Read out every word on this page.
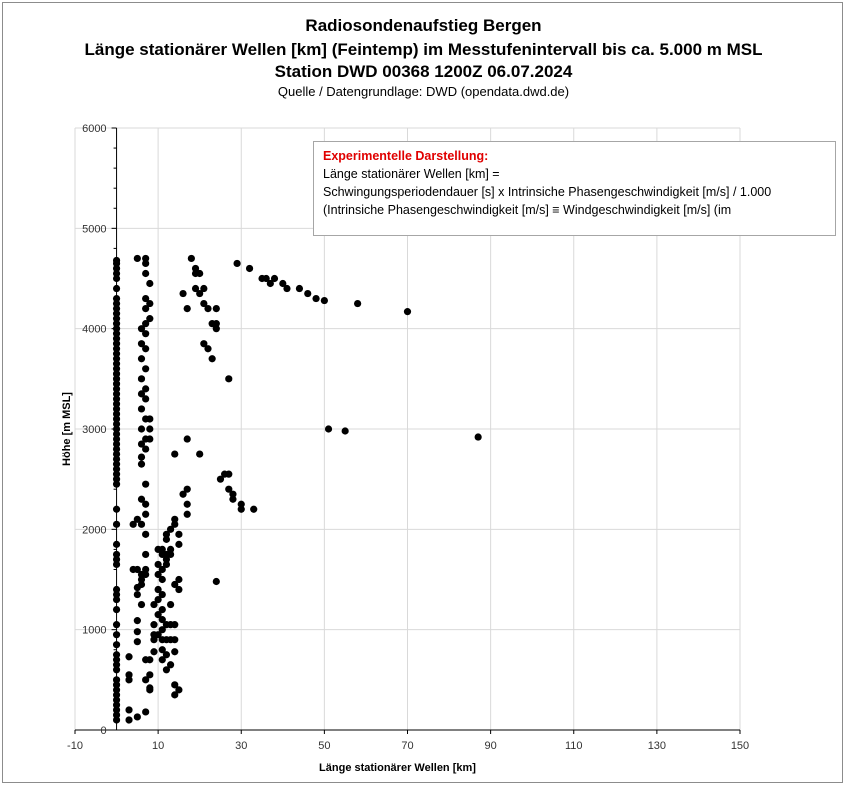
Radiosondenaufstieg Bergen
Länge stationärer Wellen [km] (Feintemp) im Messtufenintervall bis ca. 5.000 m MSL
Station DWD 00368 1200Z 06.07.2024
Quelle / Datengrundlage: DWD (opendata.dwd.de)
-10	10	30	50	70	90	110	130	150
0
1000
2000
3000
4000
5000
6000
Länge stationärer Wellen [km]
Höhe [m MSL]
Experimentelle Darstellung:
Länge stationärer Wellen [km] =
Schwingungsperiodendauer [s] x Intrinsiche Phasengeschwindigkeit [m/s] / 1.000
(Intrinsiche Phasengeschwindigkeit [m/s] ≡ Windgeschwindigkeit [m/s] (im
